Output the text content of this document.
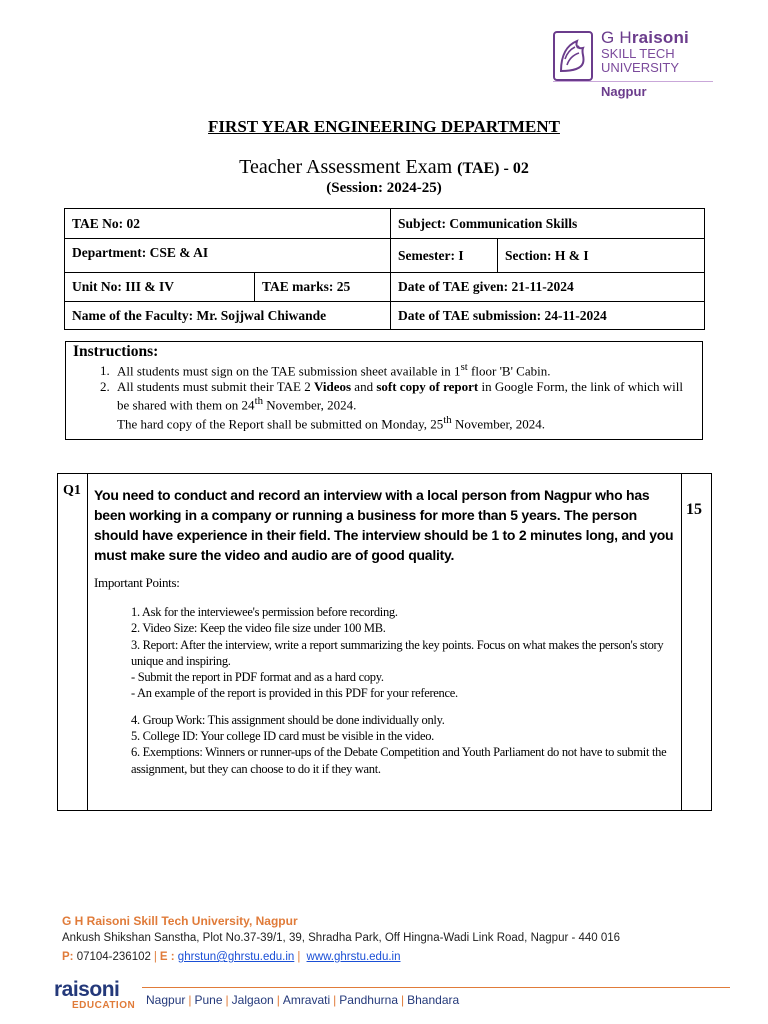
G Hraisoni
SKILL TECH
UNIVERSITY
Nagpur
FIRST YEAR ENGINEERING DEPARTMENT
Teacher Assessment Exam (TAE) - 02
(Session: 2024-25)
TAE No: 02		Subject: Communication Skills	
Department: CSE & AI		Semester: I	Section: H & I
Unit No: III & IV	TAE marks: 25	Date of TAE given: 21-11-2024	
Name of the Faculty: Mr. Sojjwal Chiwande		Date of TAE submission: 24-11-2024	
Instructions:
1. All students must sign on the TAE submission sheet available in 1st floor 'B' Cabin.
2. All students must submit their TAE 2 Videos and soft copy of report in Google Form, the link of which will be shared with them on 24th November, 2024.
The hard copy of the Report shall be submitted on Monday, 25th November, 2024.
Q1
15

You need to conduct and record an interview with a local person from Nagpur who has been working in a company or running a business for more than 5 years. The person should have experience in their field. The interview should be 1 to 2 minutes long, and you must make sure the video and audio are of good quality.

Important Points:
1. Ask for the interviewee's permission before recording.
2. Video Size: Keep the video file size under 100 MB.
3. Report: After the interview, write a report summarizing the key points. Focus on what makes the person's story unique and inspiring.
- Submit the report in PDF format and as a hard copy.
- An example of the report is provided in this PDF for your reference.
4. Group Work: This assignment should be done individually only.
5. College ID: Your college ID card must be visible in the video.
6. Exemptions: Winners or runner-ups of the Debate Competition and Youth Parliament do not have to submit the assignment, but they can choose to do it if they want.
G H Raisoni Skill Tech University, Nagpur
Ankush Shikshan Sanstha, Plot No.37-39/1, 39, Shradha Park, Off Hingna-Wadi Link Road, Nagpur - 440 016
P: 07104-236102 | E : ghrstun@ghrstu.edu.in | www.ghrstu.edu.in
raisoni
EDUCATION Nagpur | Pune | Jalgaon | Amravati | Pandhurna | Bhandara
